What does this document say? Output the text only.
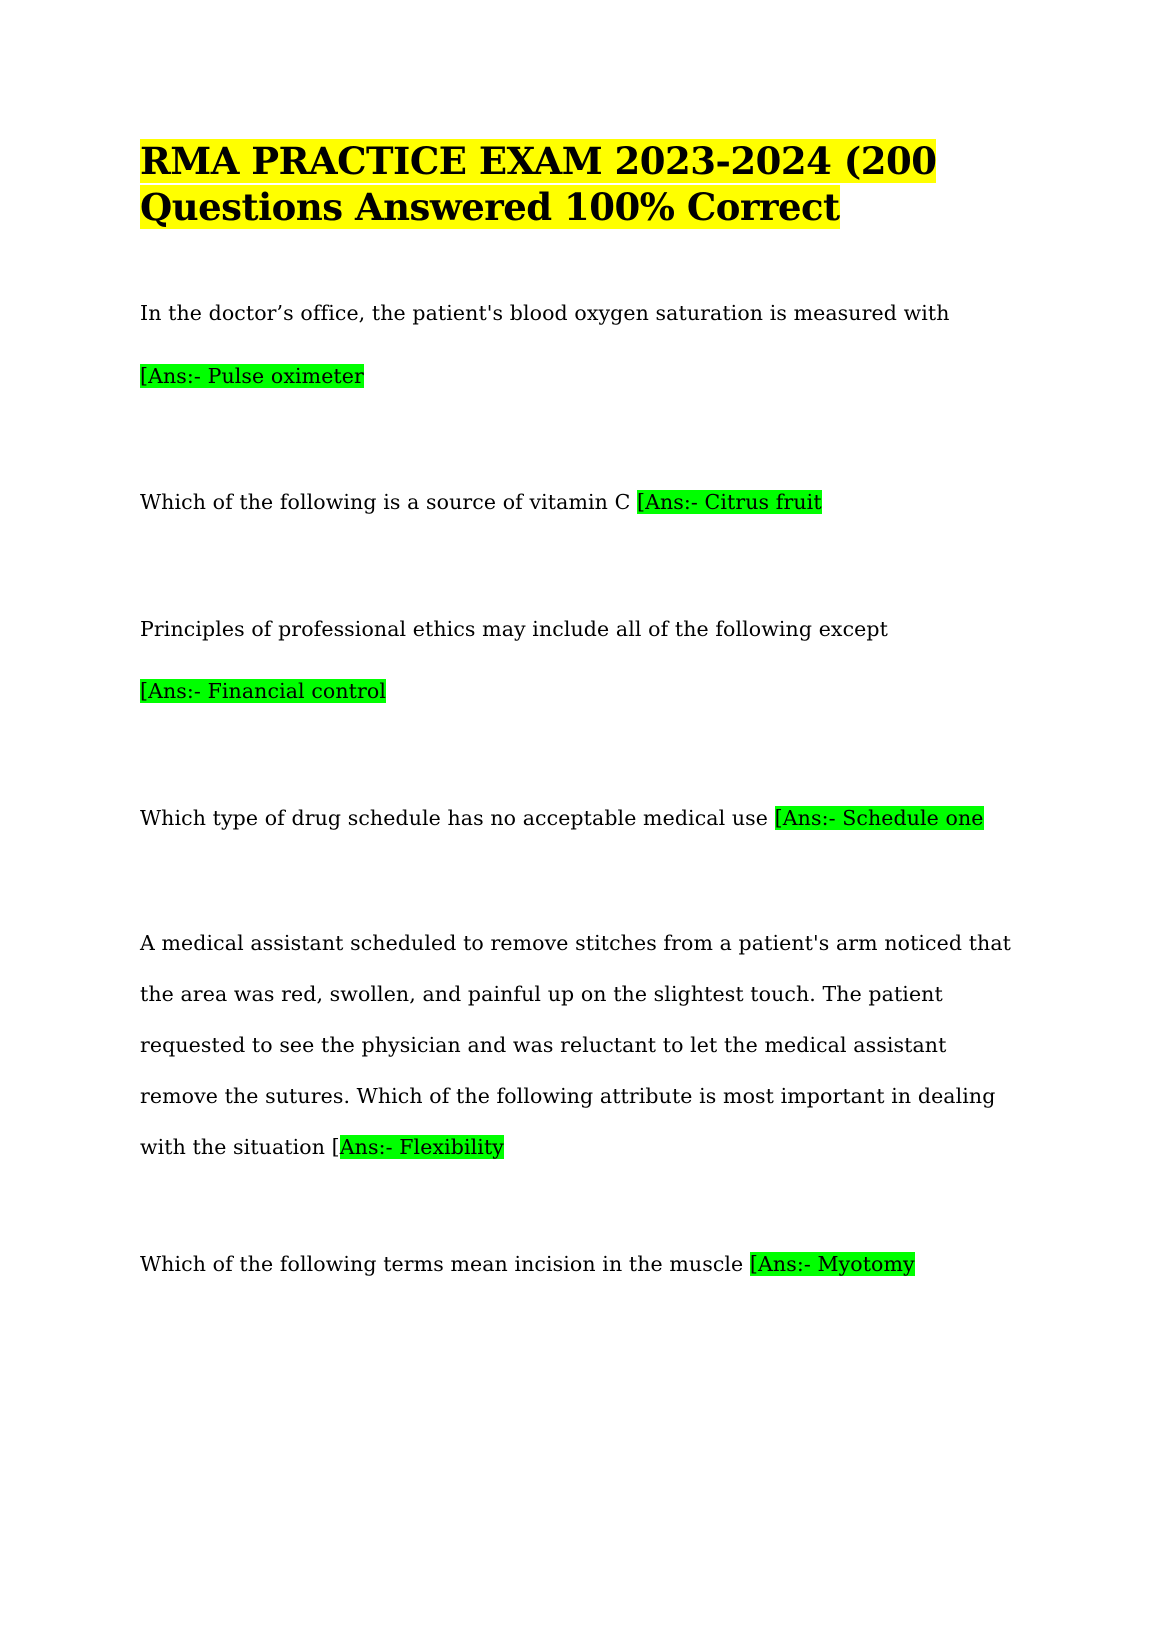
RMA PRACTICE EXAM 2023-2024 (200 Questions Answered 100% Correct

In the doctor’s office, the patient's blood oxygen saturation is measured with

[Ans:- Pulse oximeter

Which of the following is a source of vitamin C [Ans:- Citrus fruit

Principles of professional ethics may include all of the following except

[Ans:- Financial control

Which type of drug schedule has no acceptable medical use [Ans:- Schedule one

A medical assistant scheduled to remove stitches from a patient's arm noticed that the area was red, swollen, and painful up on the slightest touch. The patient requested to see the physician and was reluctant to let the medical assistant remove the sutures. Which of the following attribute is most important in dealing with the situation [Ans:- Flexibility

Which of the following terms mean incision in the muscle [Ans:- Myotomy
